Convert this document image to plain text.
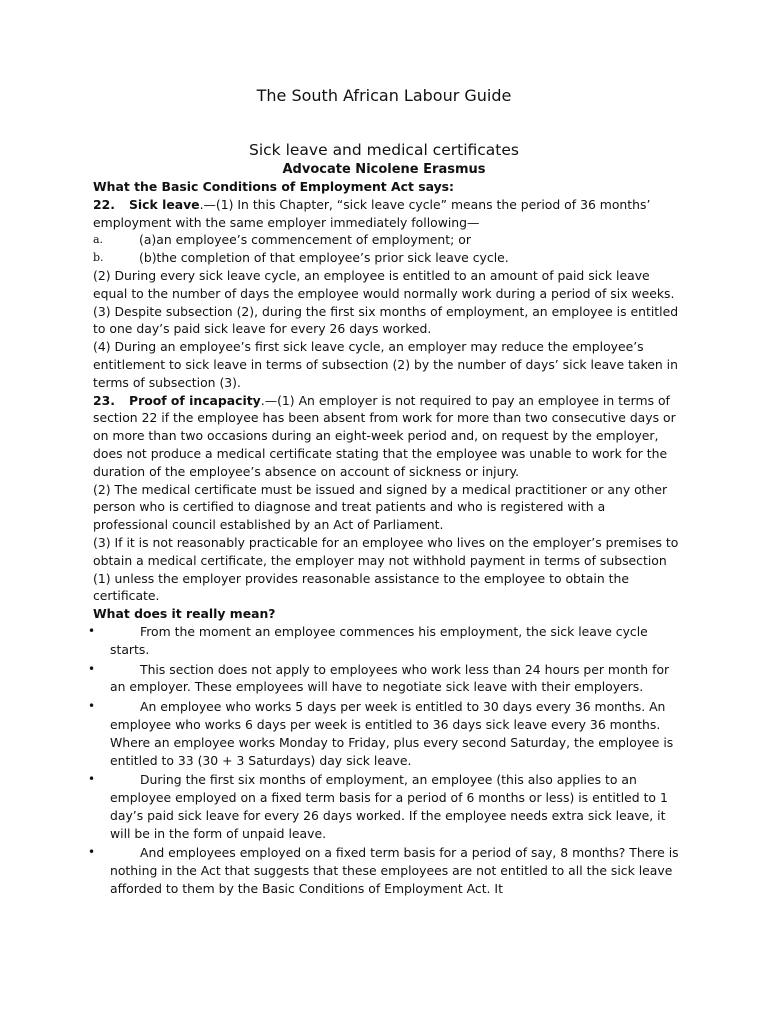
The South African Labour Guide
Sick leave and medical certificates
Advocate Nicolene Erasmus

What the Basic Conditions of Employment Act says:

22. Sick leave.—(1) In this Chapter, “sick leave cycle” means the period of 36 months’ employment with the same employer immediately following—

a.	(a)an employee’s commencement of employment; or

b.	(b)the completion of that employee’s prior sick leave cycle.

(2) During every sick leave cycle, an employee is entitled to an amount of paid sick leave equal to the number of days the employee would normally work during a period of six weeks.

(3) Despite subsection (2), during the first six months of employment, an employee is entitled to one day’s paid sick leave for every 26 days worked.

(4) During an employee’s first sick leave cycle, an employer may reduce the employee’s entitlement to sick leave in terms of subsection (2) by the number of days’ sick leave taken in terms of subsection (3).

23. Proof of incapacity.—(1) An employer is not required to pay an employee in terms of section 22 if the employee has been absent from work for more than two consecutive days or on more than two occasions during an eight-week period and, on request by the employer, does not produce a medical certificate stating that the employee was unable to work for the duration of the employee’s absence on account of sickness or injury.

(2) The medical certificate must be issued and signed by a medical practitioner or any other person who is certified to diagnose and treat patients and who is registered with a professional council established by an Act of Parliament.

(3) If it is not reasonably practicable for an employee who lives on the employer’s premises to obtain a medical certificate, the employer may not withhold payment in terms of subsection (1) unless the employer provides reasonable assistance to the employee to obtain the certificate.

What does it really mean?

•	From the moment an employee commences his employment, the sick leave cycle starts.
•	This section does not apply to employees who work less than 24 hours per month for an employer. These employees will have to negotiate sick leave with their employers.
•	An employee who works 5 days per week is entitled to 30 days every 36 months. An employee who works 6 days per week is entitled to 36 days sick leave every 36 months. Where an employee works Monday to Friday, plus every second Saturday, the employee is entitled to 33 (30 + 3 Saturdays) day sick leave.
•	During the first six months of employment, an employee (this also applies to an employee employed on a fixed term basis for a period of 6 months or less) is entitled to 1 day’s paid sick leave for every 26 days worked. If the employee needs extra sick leave, it will be in the form of unpaid leave.
•	And employees employed on a fixed term basis for a period of say, 8 months? There is nothing in the Act that suggests that these employees are not entitled to all the sick leave afforded to them by the Basic Conditions of Employment Act. It
